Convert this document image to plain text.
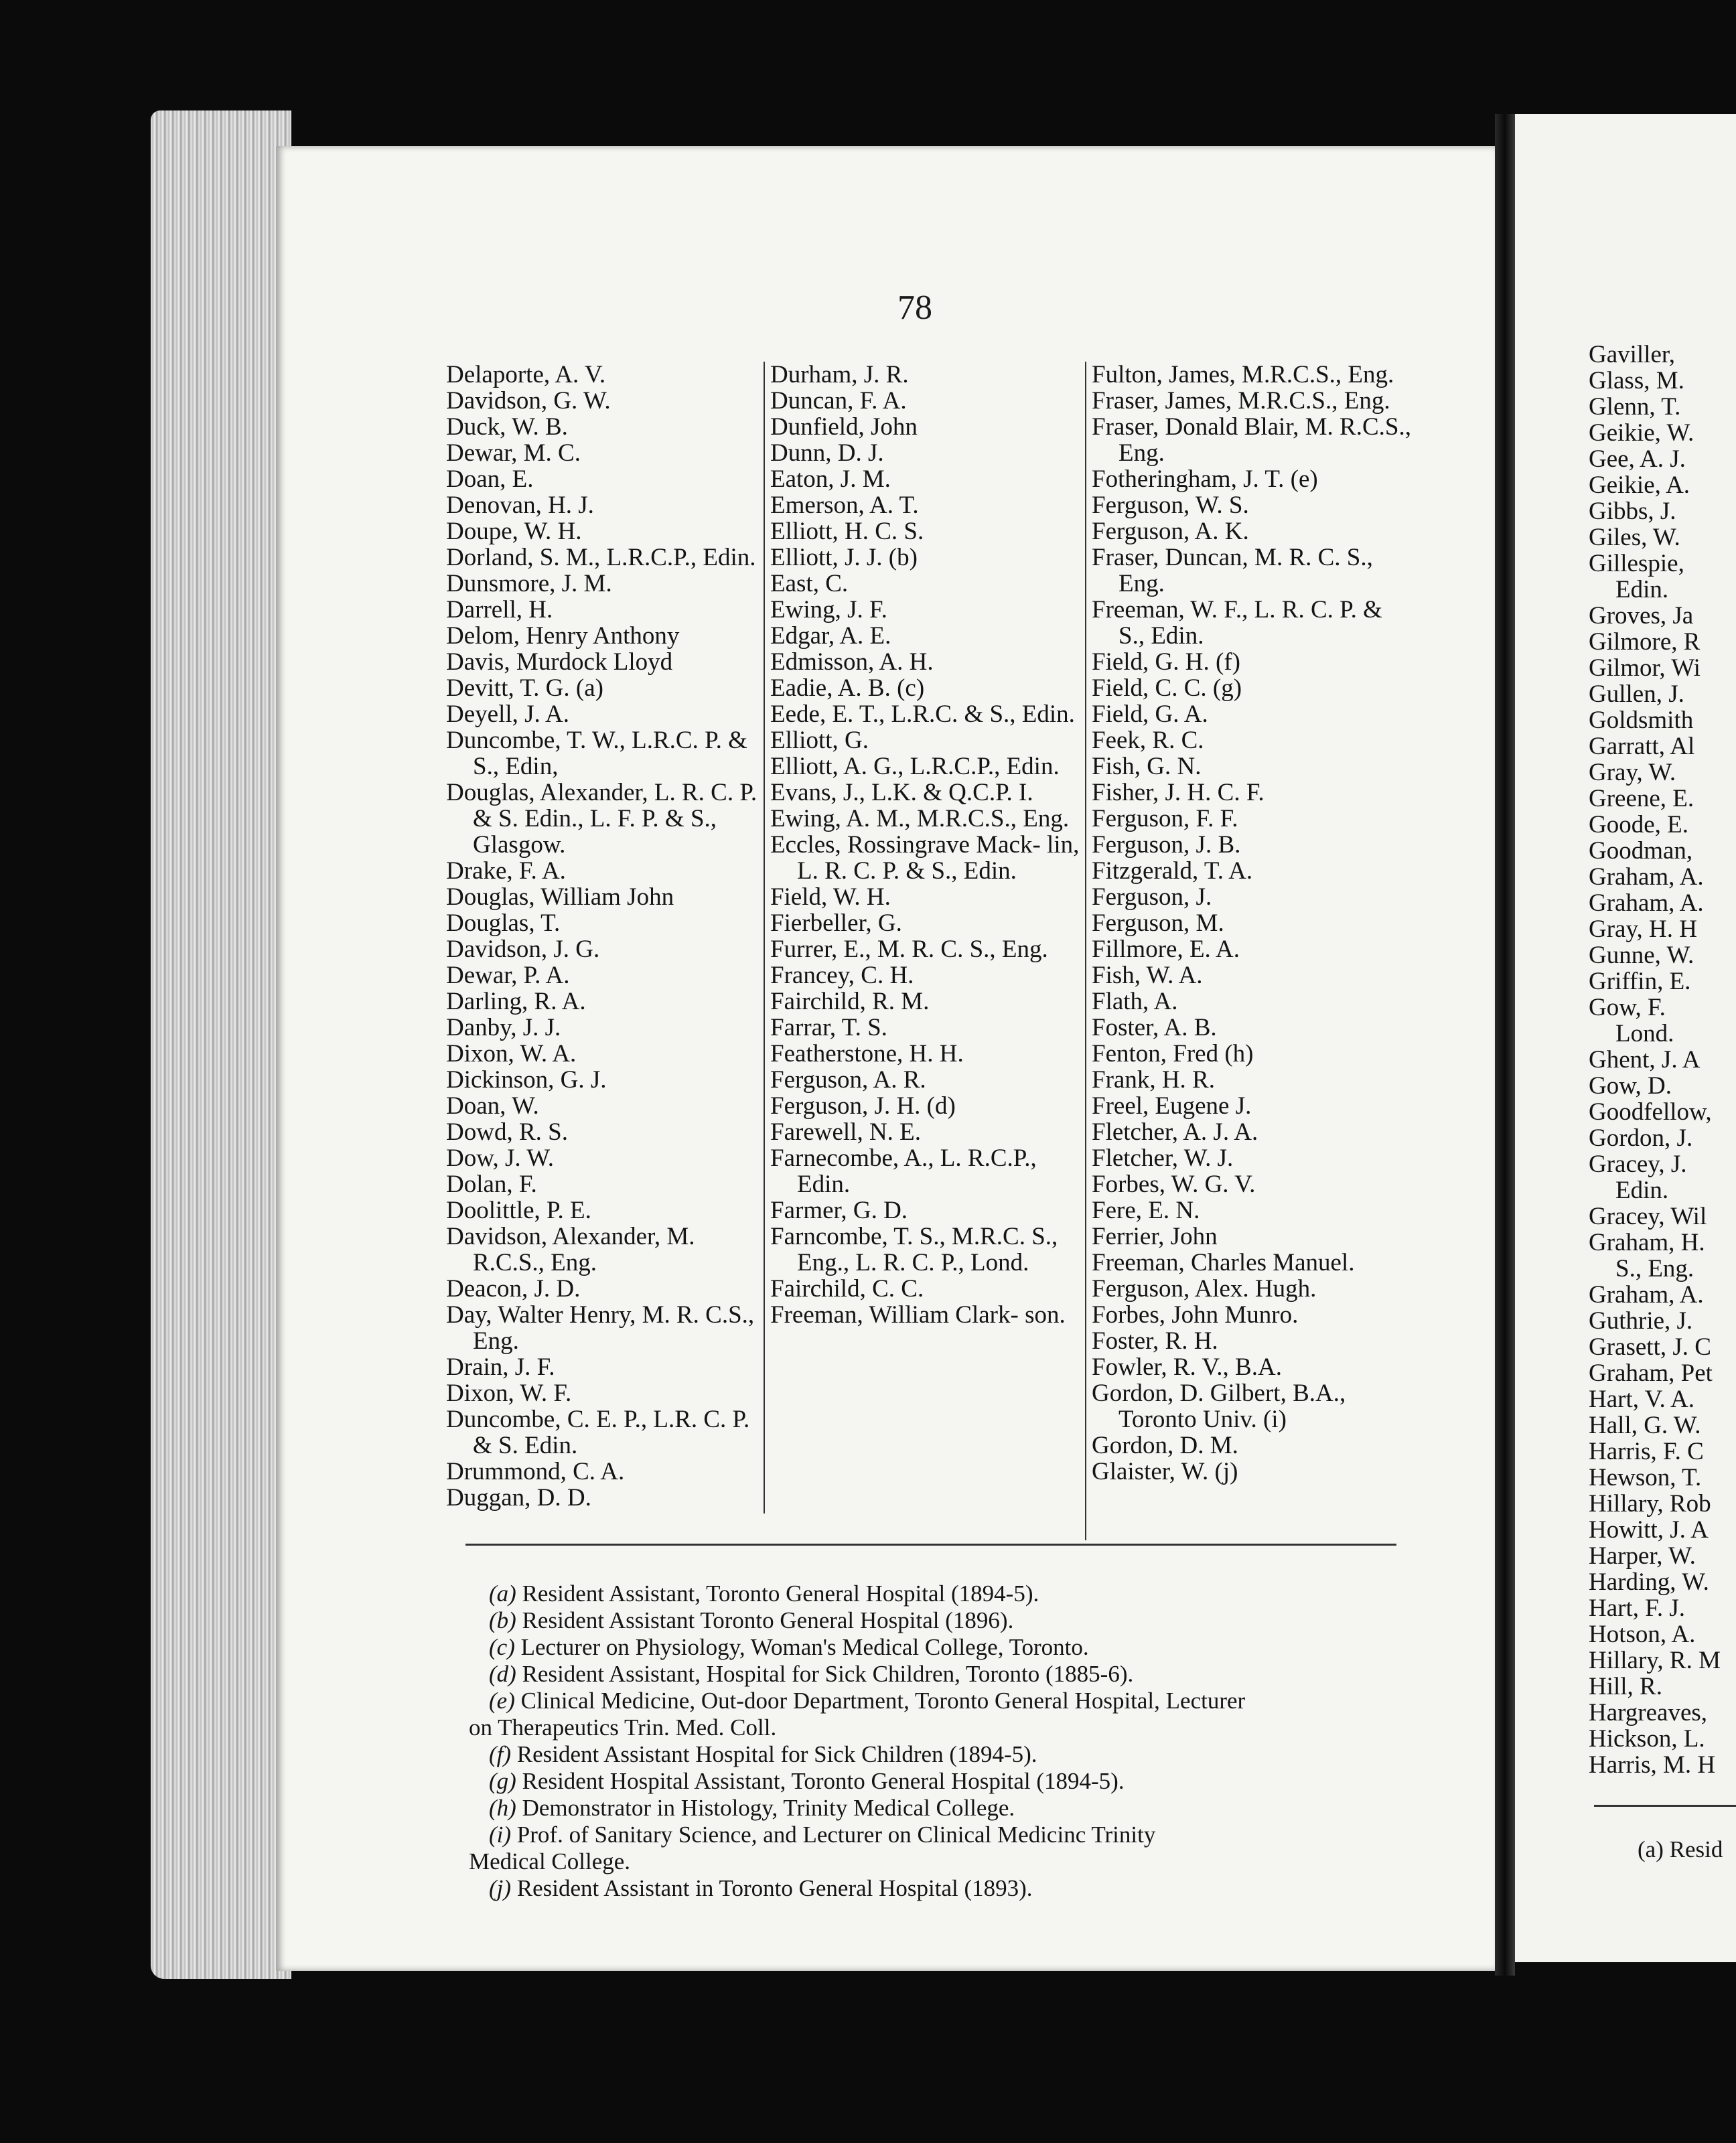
78

Delaporte, A. V.

Davidson, G. W.

Duck, W. B.

Dewar, M. C.

Doan, E.

Denovan, H. J.

Doupe, W. H.

Dorland, S. M., L.R.C.P., Edin.

Dunsmore, J. M.

Darrell, H.

Delom, Henry Anthony

Davis, Murdock Lloyd

Devitt, T. G. (a)

Deyell, J. A.

Duncombe, T. W., L.R.C. P. & S., Edin,

Douglas, Alexander, L. R. C. P. & S. Edin., L. F. P. & S., Glasgow.

Drake, F. A.

Douglas, William John

Douglas, T.

Davidson, J. G.

Dewar, P. A.

Darling, R. A.

Danby, J. J.

Dixon, W. A.

Dickinson, G. J.

Doan, W.

Dowd, R. S.

Dow, J. W.

Dolan, F.

Doolittle, P. E.

Davidson, Alexander, M. R.C.S., Eng.

Deacon, J. D.

Day, Walter Henry, M. R. C.S., Eng.

Drain, J. F.

Dixon, W. F.

Duncombe, C. E. P., L.R. C. P. & S. Edin.

Drummond, C. A.

Duggan, D. D.

Durham, J. R.

Duncan, F. A.

Dunfield, John

Dunn, D. J.

Eaton, J. M.

Emerson, A. T.

Elliott, H. C. S.

Elliott, J. J. (b)

East, C.

Ewing, J. F.

Edgar, A. E.

Edmisson, A. H.

Eadie, A. B. (c)

Eede, E. T., L.R.C. & S., Edin.

Elliott, G.

Elliott, A. G., L.R.C.P., Edin.

Evans, J., L.K. & Q.C.P. I.

Ewing, A. M., M.R.C.S., Eng.

Eccles, Rossingrave Mack- lin, L. R. C. P. & S., Edin.

Field, W. H.

Fierbeller, G.

Furrer, E., M. R. C. S., Eng.

Francey, C. H.

Fairchild, R. M.

Farrar, T. S.

Featherstone, H. H.

Ferguson, A. R.

Ferguson, J. H. (d)

Farewell, N. E.

Farnecombe, A., L. R.C.P., Edin.

Farmer, G. D.

Farncombe, T. S., M.R.C. S., Eng., L. R. C. P., Lond.

Fairchild, C. C.

Freeman, William Clark- son.

Fulton, James, M.R.C.S., Eng.

Fraser, James, M.R.C.S., Eng.

Fraser, Donald Blair, M. R.C.S., Eng.

Fotheringham, J. T. (e)

Ferguson, W. S.

Ferguson, A. K.

Fraser, Duncan, M. R. C. S., Eng.

Freeman, W. F., L. R. C. P. & S., Edin.

Field, G. H. (f)

Field, C. C. (g)

Field, G. A.

Feek, R. C.

Fish, G. N.

Fisher, J. H. C. F.

Ferguson, F. F.

Ferguson, J. B.

Fitzgerald, T. A.

Ferguson, J.

Ferguson, M.

Fillmore, E. A.

Fish, W. A.

Flath, A.

Foster, A. B.

Fenton, Fred (h)

Frank, H. R.

Freel, Eugene J.

Fletcher, A. J. A.

Fletcher, W. J.

Forbes, W. G. V.

Fere, E. N.

Ferrier, John

Freeman, Charles Manuel.

Ferguson, Alex. Hugh.

Forbes, John Munro.

Foster, R. H.

Fowler, R. V., B.A.

Gordon, D. Gilbert, B.A., Toronto Univ. (i)

Gordon, D. M.

Glaister, W. (j)

(a) Resident Assistant, Toronto General Hospital (1894-5).

(b) Resident Assistant Toronto General Hospital (1896).

(c) Lecturer on Physiology, Woman's Medical College, Toronto.

(d) Resident Assistant, Hospital for Sick Children, Toronto (1885-6).

(e) Clinical Medicine, Out-door Department, Toronto General Hospital, Lecturer

on Therapeutics Trin. Med. Coll.

(f) Resident Assistant Hospital for Sick Children (1894-5).

(g) Resident Hospital Assistant, Toronto General Hospital (1894-5).

(h) Demonstrator in Histology, Trinity Medical College.

(i) Prof. of Sanitary Science, and Lecturer on Clinical Medicinc Trinity

Medical College.

(j) Resident Assistant in Toronto General Hospital (1893).

Gaviller,

Glass, M.

Glenn, T.

Geikie, W.

Gee, A. J.

Geikie, A.

Gibbs, J.

Giles, W.

Gillespie,

Edin.

Groves, Ja

Gilmore, R

Gilmor, Wi

Gullen, J.

Goldsmith

Garratt, Al

Gray, W.

Greene, E.

Goode, E.

Goodman,

Graham, A.

Graham, A.

Gray, H. H

Gunne, W.

Griffin, E.

Gow, F.

Lond.

Ghent, J. A

Gow, D.

Goodfellow,

Gordon, J.

Gracey, J.

Edin.

Gracey, Wil

Graham, H.

S., Eng.

Graham, A.

Guthrie, J.

Grasett, J. C

Graham, Pet

Hart, V. A.

Hall, G. W.

Harris, F. C

Hewson, T.

Hillary, Rob

Howitt, J. A

Harper, W.

Harding, W.

Hart, F. J.

Hotson, A.

Hillary, R. M

Hill, R.

Hargreaves,

Hickson, L.

Harris, M. H

(a) Resid
